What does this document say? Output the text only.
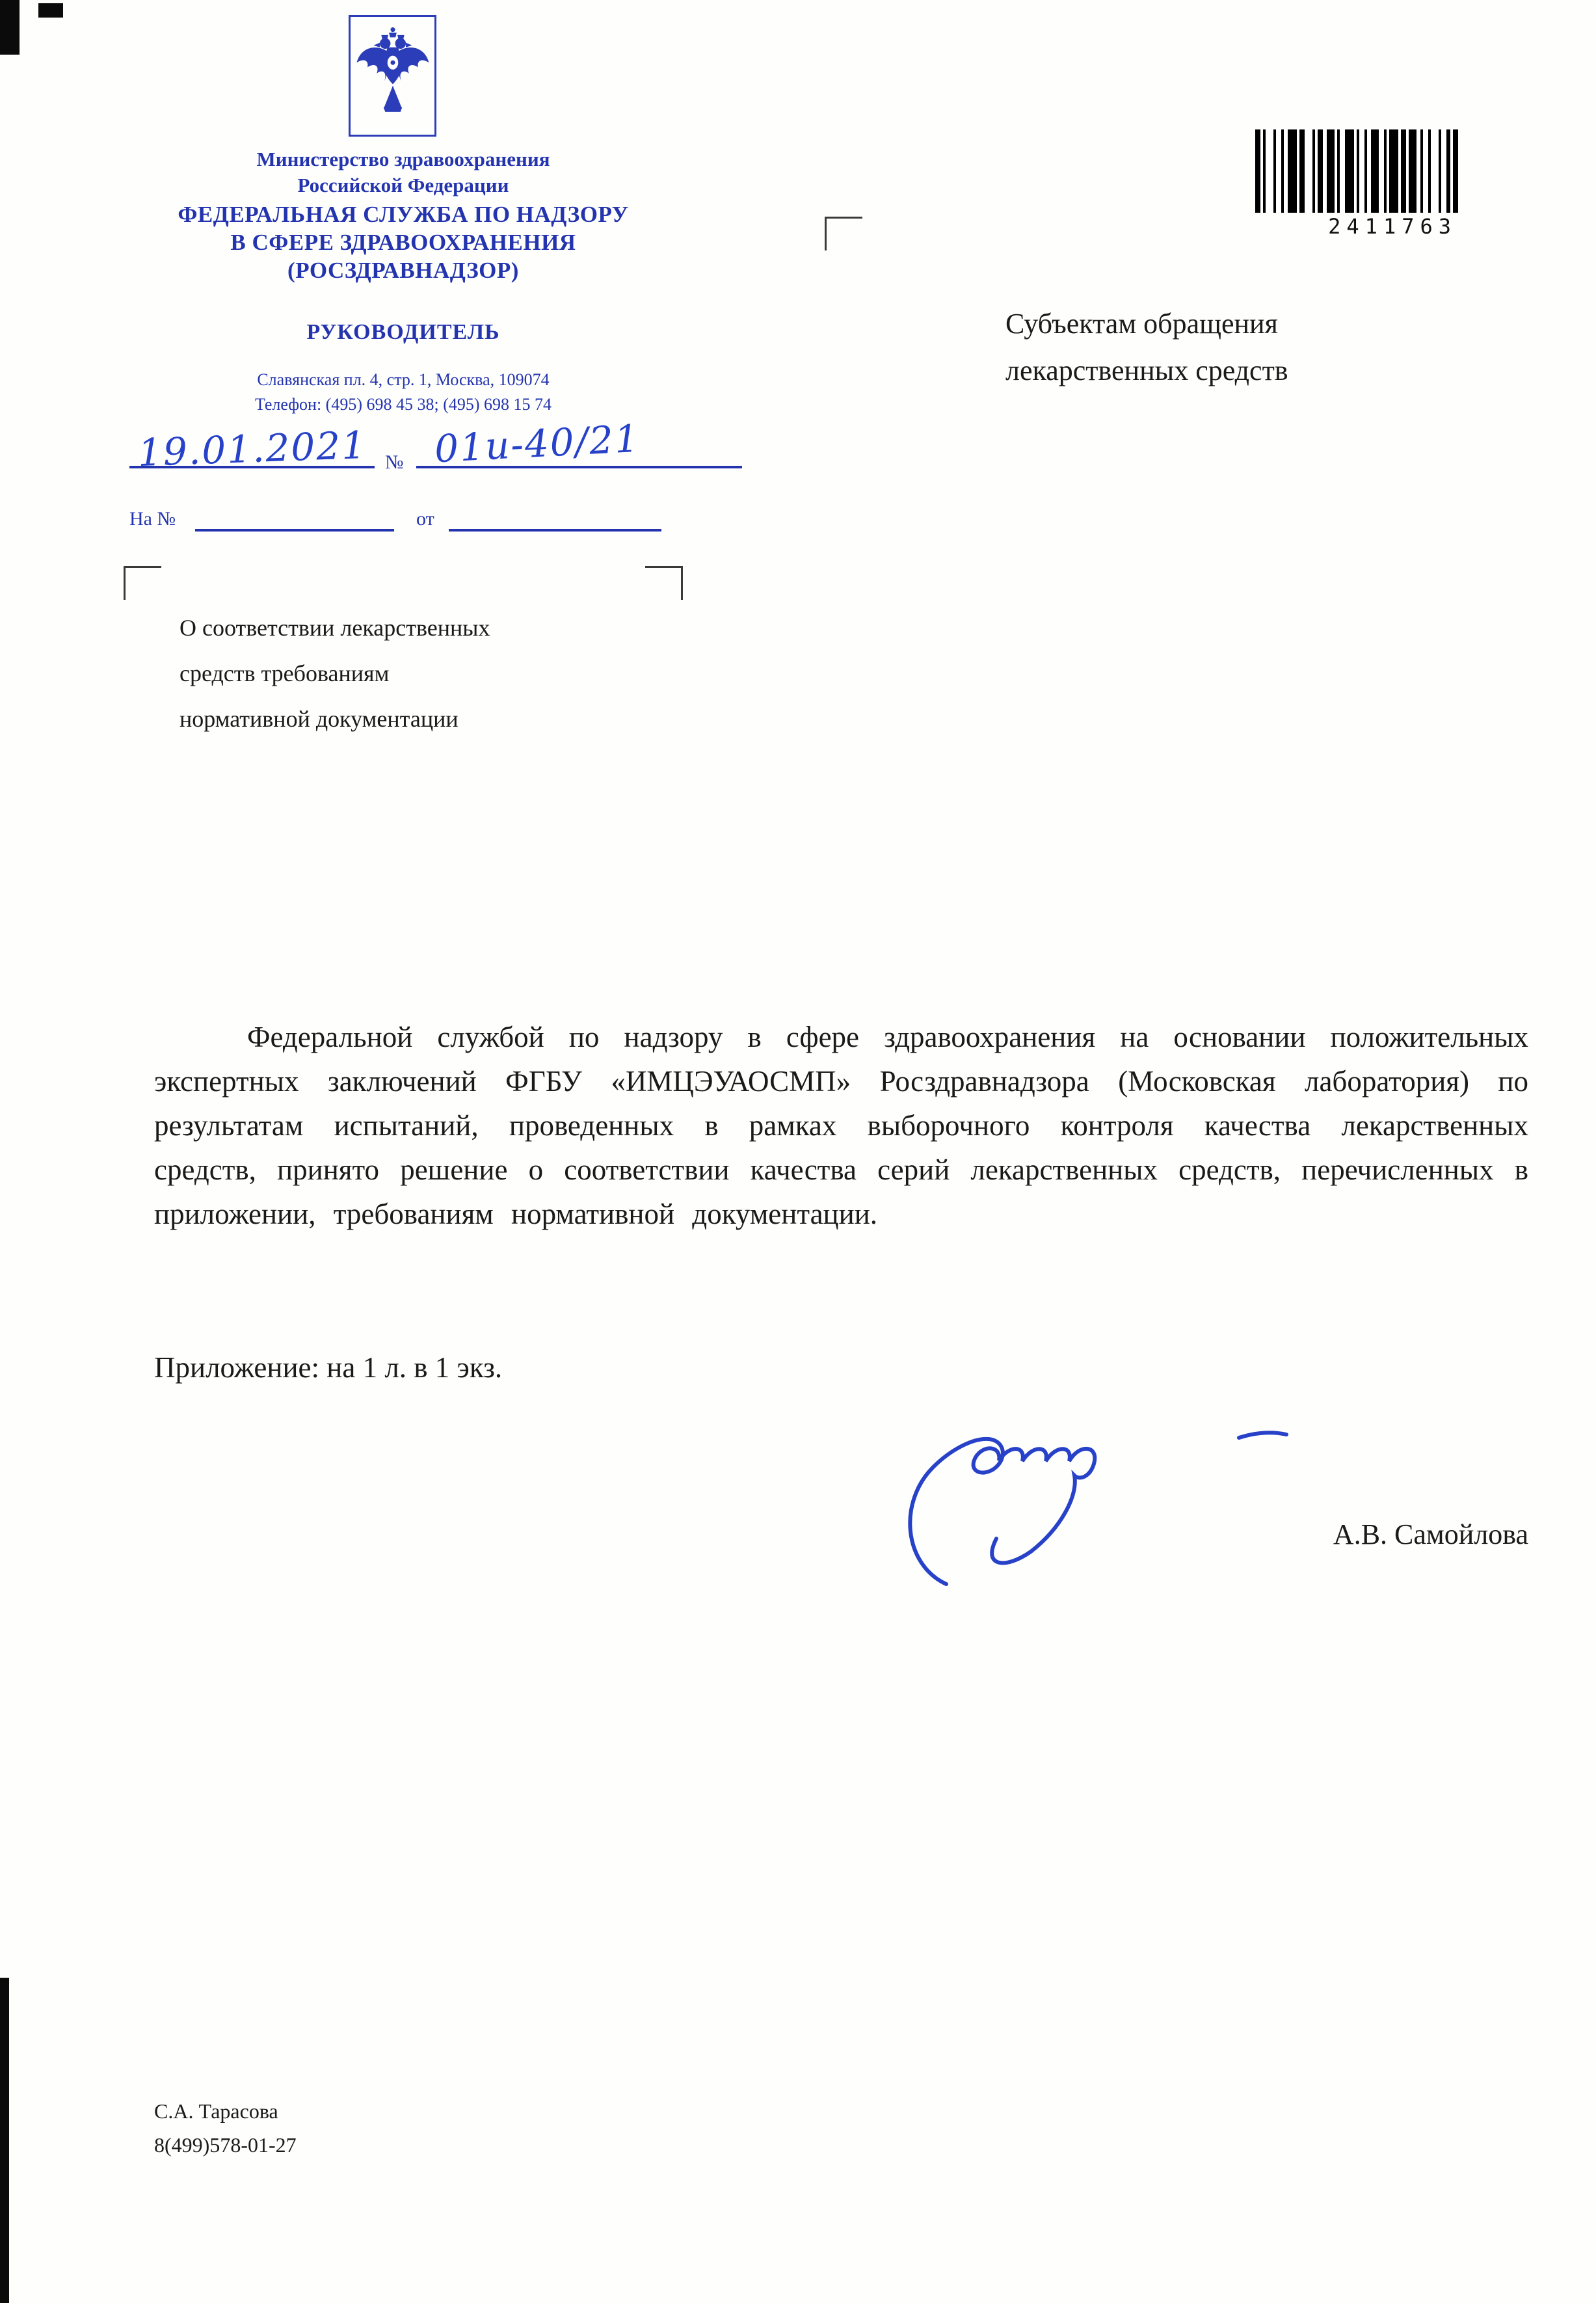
Министерство здравоохранения
Российской Федерации
ФЕДЕРАЛЬНАЯ СЛУЖБА ПО НАДЗОРУ
В СФЕРЕ ЗДРАВООХРАНЕНИЯ
(РОСЗДРАВНАДЗОР)
РУКОВОДИТЕЛЬ
Славянская пл. 4, стр. 1, Москва, 109074
Телефон: (495) 698 45 38; (495) 698 15 74
19.01.2021 № 01и-40/21
На №	от
О соответствии лекарственных
средств требованиям
нормативной документации
Субъектам обращения
лекарственных средств
2411763
Федеральной службой по надзору в сфере здравоохранения на основании положительных экспертных заключений ФГБУ «ИМЦЭУАОСМП» Росздравнадзора (Московская лаборатория) по результатам испытаний, проведенных в рамках выборочного контроля качества лекарственных средств, принято решение о соответствии качества серий лекарственных средств, перечисленных в приложении, требованиям нормативной документации.
Приложение: на 1 л. в 1 экз.
А.В. Самойлова
С.А. Тарасова
8(499)578-01-27
